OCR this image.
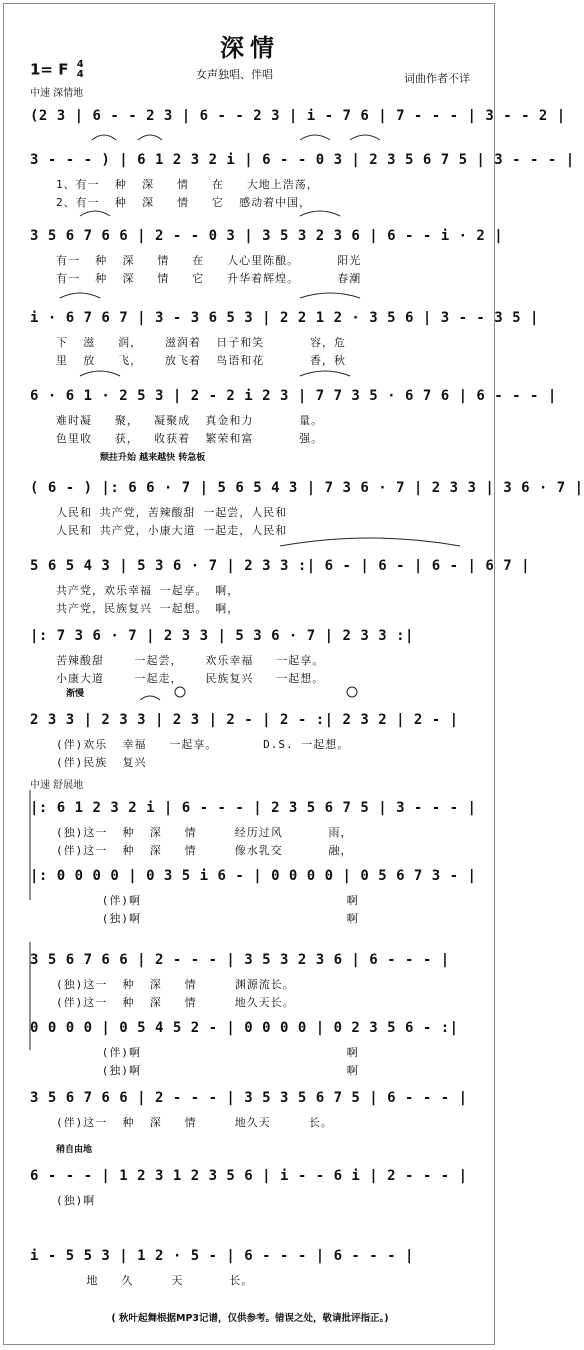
深情
1= F 4
4	女声独唱、伴唱	词曲作者不详
中速 深情地
颓拄升始 越来越快 转急板
渐慢
中速 舒展地
稍自由地
(2 3 | 6 - - 2 3 | 6 - - 2 3 | i - 7 6 | 7 - - - | 3 - - 2 |
3 - - - ) | 6 1 2 3 2 i | 6 - - 0 3 | 2 3 5 6 7 5 | 3 - - - |
1、有一  种  深   情   在   大地上浩荡，
2、有一  种  深   情   它  感动着中国，
3 5 6 7 6 6 | 2 - - 0 3 | 3 5 3 2 3 6 | 6 - - i · 2 |
有一  种  深   情   在   人心里陈酿。     阳光
有一  种  深   情   它   升华着辉煌。     春潮
i · 6 7 6 7 | 3 - 3 6 5 3 | 2 2 1 2 · 3 5 6 | 3 - - 3 5 |
下  滋   润，   滋润着  日子和笑      容，危
里  放   飞，   放飞着  鸟语和花      香，秋
6 · 6 1 · 2 5 3 | 2 - 2 i 2 3 | 7 7 3 5 · 6 7 6 | 6 - - - |
难时凝   聚，  凝聚成  真金和力      量。
色里收   获，  收获着  繁荣和富      强。
( 6 - ) |: 6 6 · 7 | 5 6 5 4 3 | 7 3 6 · 7 | 2 3 3 | 3 6 · 7 |
人民和 共产党，苦辣酸甜 一起尝，人民和
人民和 共产党，小康大道 一起走，人民和
5 6 5 4 3 | 5 3 6 · 7 | 2 3 3 :| 6 - | 6 - | 6 - | 6 7 |
共产党，欢乐幸福 一起享。 啊，
共产党，民族复兴 一起想。 啊，
|: 7 3 6 · 7 | 2 3 3 | 5 3 6 · 7 | 2 3 3 :|
苦辣酸甜    一起尝，   欢乐幸福   一起享。
小康大道    一起走，   民族复兴   一起想。
2 3 3 | 2 3 3 | 2 3 | 2 - | 2 - :| 2 3 2 | 2 - |
(伴)欢乐  幸福   一起享。      D.S. 一起想。
(伴)民族  复兴
|: 6 1 2 3 2 i | 6 - - - | 2 3 5 6 7 5 | 3 - - - |
(独)这一  种  深   情     经历过风      雨，
(伴)这一  种  深   情     像水乳交      融，
|: 0 0 0 0 | 0 3 5 i 6 - | 0 0 0 0 | 0 5 6 7 3 - |
(伴)啊                           啊
(独)啊                           啊
3 5 6 7 6 6 | 2 - - - | 3 5 3 2 3 6 | 6 - - - |
(独)这一  种  深   情     渊源流长。
(伴)这一  种  深   情     地久天长。
0 0 0 0 | 0 5 4 5 2 - | 0 0 0 0 | 0 2 3 5 6 - :|
(伴)啊                           啊
(独)啊                           啊
3 5 6 7 6 6 | 2 - - - | 3 5 3 5 6 7 5 | 6 - - - |
(伴)这一  种  深   情     地久天     长。
6 - - - | 1 2 3 1 2 3 5 6 | i - - 6 i | 2 - - - |
(独)啊
i - 5 5 3 | 1 2 · 5 - | 6 - - - | 6 - - - |
地   久     天      长。
( 秋叶起舞根据MP3记谱，仅供参考。错误之处，敬请批评指正。)
